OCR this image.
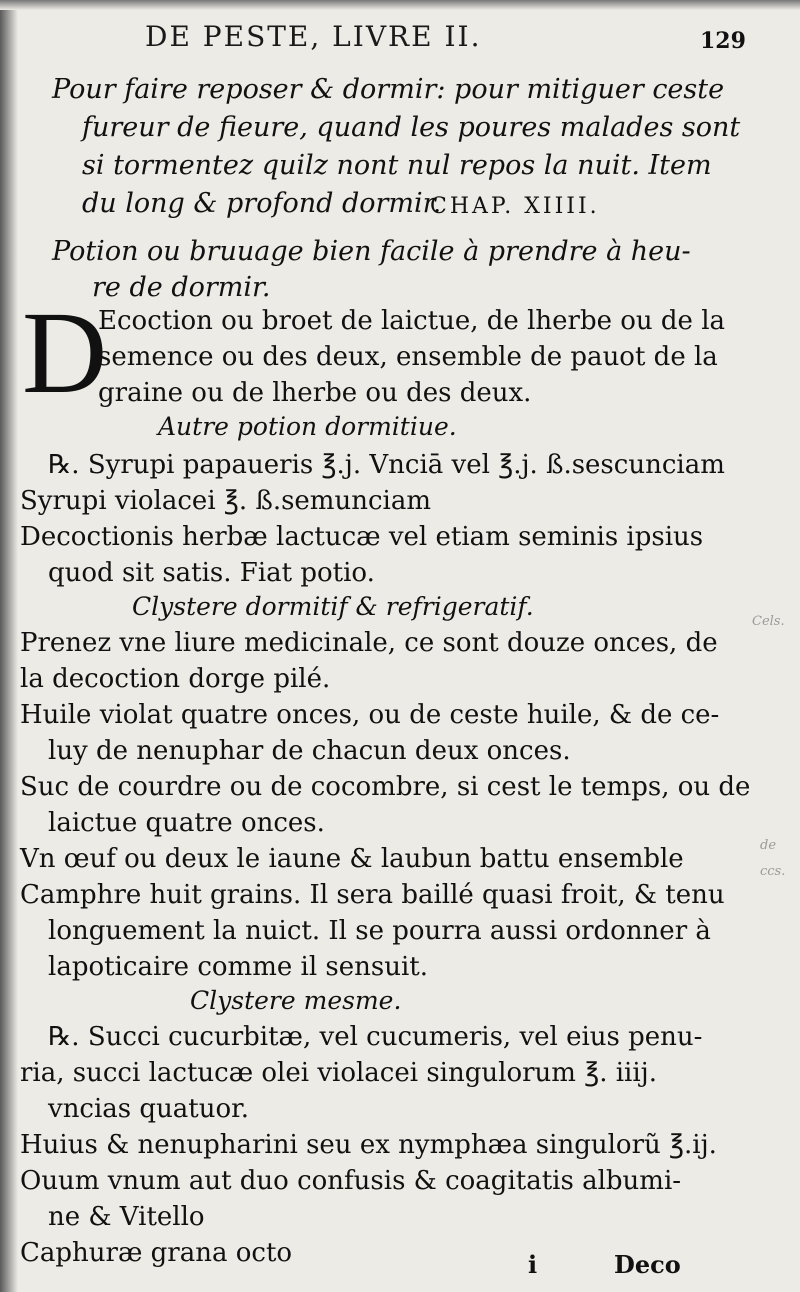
DE PESTE, LIVRE II.	129
Pour faire reposer & dormir: pour mitiguer ceste
fureur de fieure, quand les poures malades sont
si tormentez quilz nont nul repos la nuit. Item
du long & profond dormir.
CHAP. XIIII.
Potion ou bruuage bien facile à prendre à heu-
re de dormir.
D
Ecoction ou broet de laictue, de lherbe ou de la
semence ou des deux, ensemble de pauot de la
graine ou de lherbe ou des deux.
Autre potion dormitiue.
℞. Syrupi papaueris ℥.j. Vnciā vel ℥.j. ß.sescunciam
Syrupi violacei ℥. ß.semunciam
Decoctionis herbæ lactucæ vel etiam seminis ipsius
quod sit satis. Fiat potio.
Clystere dormitif & refrigeratif.
Prenez vne liure medicinale, ce sont douze onces, de
la decoction dorge pilé.
Huile violat quatre onces, ou de ceste huile, & de ce-
luy de nenuphar de chacun deux onces.
Suc de courdre ou de cocombre, si cest le temps, ou de
laictue quatre onces.
Vn œuf ou deux le iaune & laubun battu ensemble
Camphre huit grains. Il sera baillé quasi froit, & tenu
longuement la nuict. Il se pourra aussi ordonner à
lapoticaire comme il sensuit.
Clystere mesme.
℞. Succi cucurbitæ, vel cucumeris, vel eius penu-
ria, succi lactucæ olei violacei singulorum ℥. iiij.
vncias quatuor.
Huius & nenupharini seu ex nymphæa singulorũ ℥.ij.
Ouum vnum aut duo confusis & coagitatis albumi-
ne & Vitello
Caphuræ grana octo	i	Deco
Cels.
de
ccs.
